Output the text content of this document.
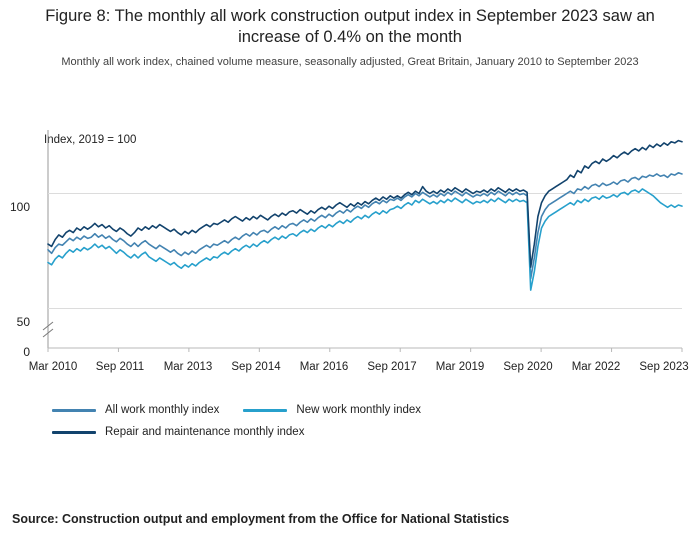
Figure 8: The monthly all work construction output index in September 2023 saw an increase of 0.4% on the month
Monthly all work index, chained volume measure, seasonally adjusted, Great Britain, January 2010 to September 2023
Index, 2019 = 100
100
50
0
Mar 2010	Sep 2011	Mar 2013	Sep 2014	Mar 2016	Sep 2017	Mar 2019	Sep 2020	Mar 2022	Sep 2023
All work monthly index	New work monthly index
Repair and maintenance monthly index
Source: Construction output and employment from the Office for National Statistics
